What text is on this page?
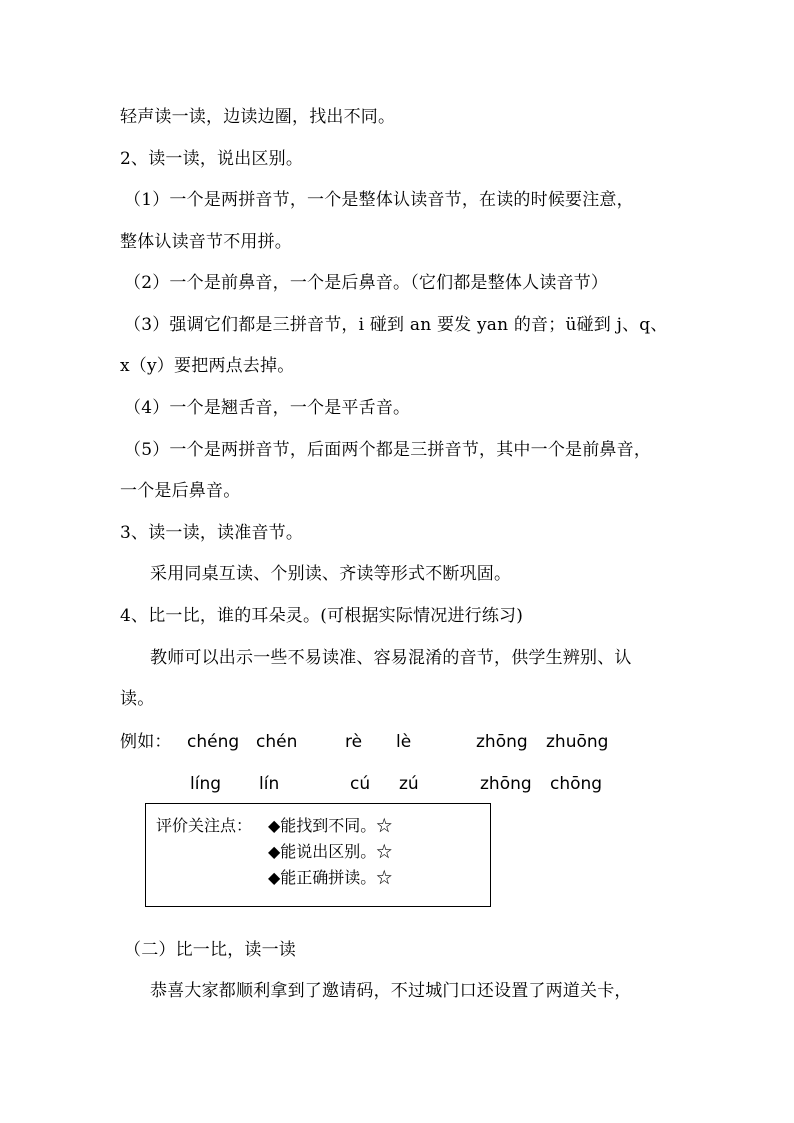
轻声读一读，边读边圈，找出不同。
2、读一读，说出区别。
（1）一个是两拼音节，一个是整体认读音节，在读的时候要注意，
整体认读音节不用拼。
（2）一个是前鼻音，一个是后鼻音。（它们都是整体人读音节）
（3）强调它们都是三拼音节，i 碰到 an 要发 yan 的音；ü碰到 j、q、
x（y）要把两点去掉。
（4）一个是翘舌音，一个是平舌音。
（5）一个是两拼音节，后面两个都是三拼音节，其中一个是前鼻音，
一个是后鼻音。
3、读一读，读准音节。
采用同桌互读、个别读、齐读等形式不断巩固。
4、比一比，谁的耳朵灵。(可根据实际情况进行练习)
教师可以出示一些不易读准、容易混淆的音节，供学生辨别、认
读。
例如： chéng chén	rè lè	zhōng zhuōng
líng lín	cú zú	zhōng chōng
评价关注点： ◆能找到不同。☆
◆能说出区别。☆
◆能正确拼读。☆
（二）比一比，读一读
恭喜大家都顺利拿到了邀请码，不过城门口还设置了两道关卡，
